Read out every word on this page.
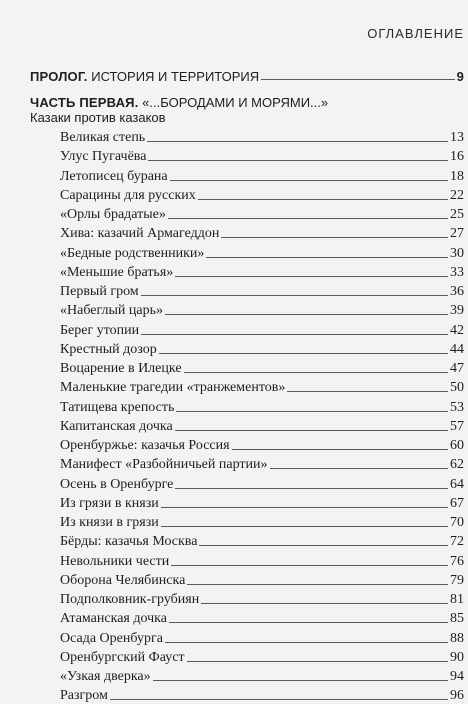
ОГЛАВЛЕНИЕ
ПРОЛОГ. ИСТОРИЯ И ТЕРРИТОРИЯ	9
ЧАСТЬ ПЕРВАЯ. «...БОРОДАМИ И МОРЯМИ...»
Казаки против казаков
Великая степь	13
Улус Пугачёва	16
Летописец бурана	18
Сарацины для русских	22
«Орлы брадатые»	25
Хива: казачий Армагеддон	27
«Бедные родственники»	30
«Меньшие братья»	33
Первый гром	36
«Набеглый царь»	39
Берег утопии	42
Крестный дозор	44
Воцарение в Илецке	47
Маленькие трагедии «транжементов»	50
Татищева крепость	53
Капитанская дочка	57
Оренбуржье: казачья Россия	60
Манифест «Разбойничьей партии»	62
Осень в Оренбурге	64
Из грязи в князи	67
Из князи в грязи	70
Бёрды: казачья Москва	72
Невольники чести	76
Оборона Челябинска	79
Подполковник-грубиян	81
Атаманская дочка	85
Осада Оренбурга	88
Оренбургский Фауст	90
«Узкая дверка»	94
Разгром	96
